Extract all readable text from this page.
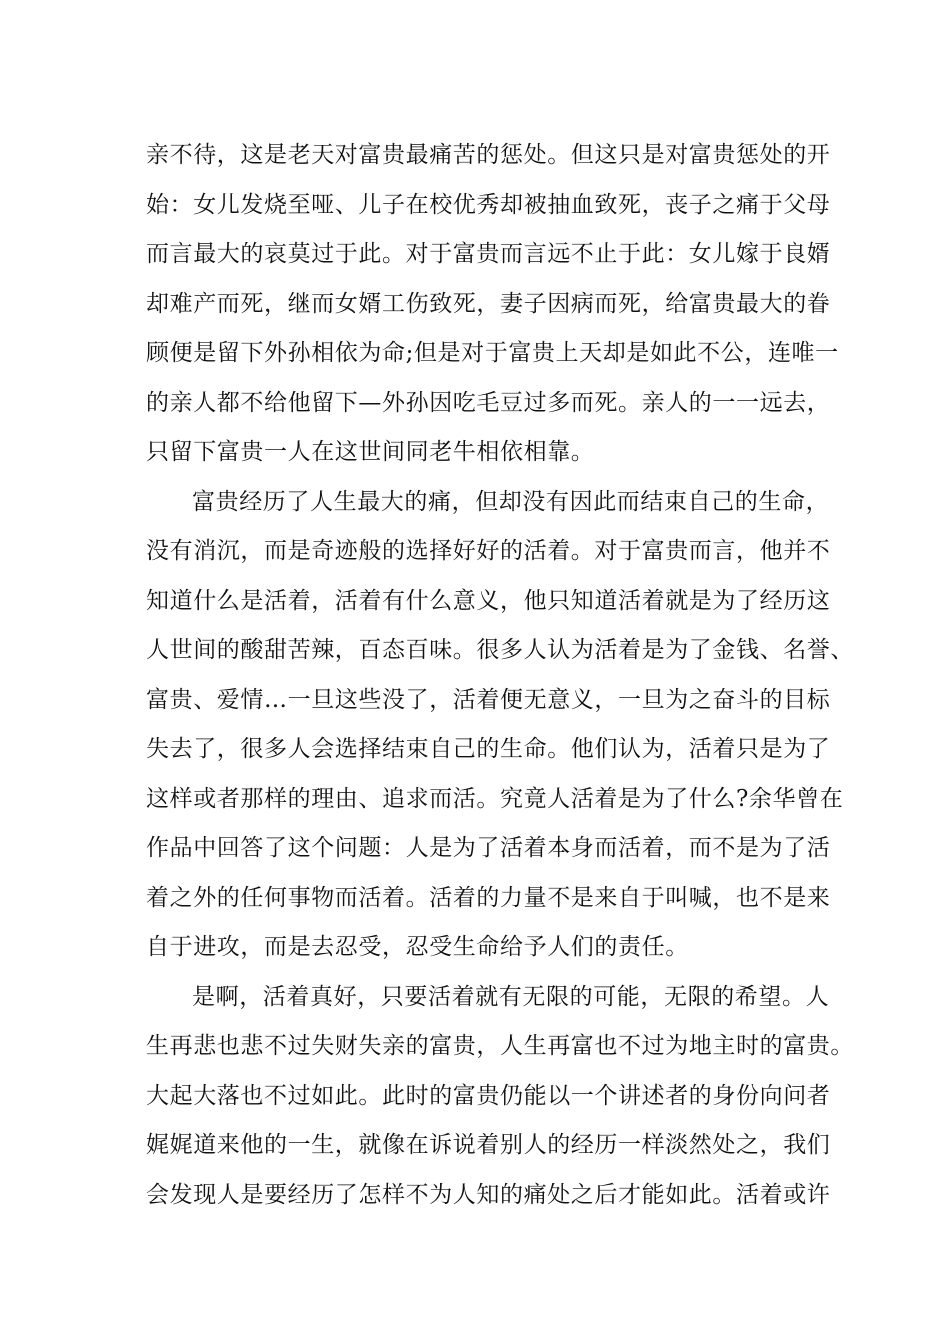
亲不待，这是老天对富贵最痛苦的惩处。但这只是对富贵惩处的开
始：女儿发烧至哑、儿子在校优秀却被抽血致死，丧子之痛于父母
而言最大的哀莫过于此。对于富贵而言远不止于此：女儿嫁于良婿
却难产而死，继而女婿工伤致死，妻子因病而死，给富贵最大的眷
顾便是留下外孙相依为命;但是对于富贵上天却是如此不公，连唯一
的亲人都不给他留下—外孙因吃毛豆过多而死。亲人的一一远去，
只留下富贵一人在这世间同老牛相依相靠。
富贵经历了人生最大的痛，但却没有因此而结束自己的生命，
没有消沉，而是奇迹般的选择好好的活着。对于富贵而言，他并不
知道什么是活着，活着有什么意义，他只知道活着就是为了经历这
人世间的酸甜苦辣，百态百味。很多人认为活着是为了金钱、名誉、
富贵、爱情…一旦这些没了，活着便无意义，一旦为之奋斗的目标
失去了，很多人会选择结束自己的生命。他们认为，活着只是为了
这样或者那样的理由、追求而活。究竟人活着是为了什么?余华曾在
作品中回答了这个问题：人是为了活着本身而活着，而不是为了活
着之外的任何事物而活着。活着的力量不是来自于叫喊，也不是来
自于进攻，而是去忍受，忍受生命给予人们的责任。
是啊，活着真好，只要活着就有无限的可能，无限的希望。人
生再悲也悲不过失财失亲的富贵，人生再富也不过为地主时的富贵。
大起大落也不过如此。此时的富贵仍能以一个讲述者的身份向问者
娓娓道来他的一生，就像在诉说着别人的经历一样淡然处之，我们
会发现人是要经历了怎样不为人知的痛处之后才能如此。活着或许
